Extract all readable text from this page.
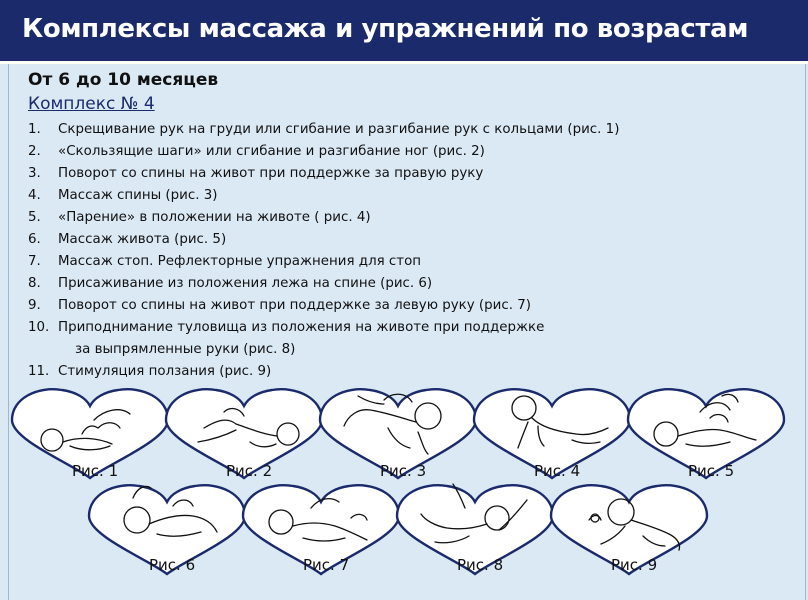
Комплексы массажа и упражнений по возрастам
От 6 до 10 месяцев
Комплекс № 4
1.	Скрещивание рук на груди или сгибание и разгибание рук с кольцами (рис. 1)
2.	«Скользящие шаги» или сгибание и разгибание ног (рис. 2)
3.	Поворот со спины на живот при поддержке за правую руку
4.	Массаж спины (рис. 3)
5.	«Парение» в положении на животе ( рис. 4)
6.	Массаж живота (рис. 5)
7.	Массаж стоп. Рефлекторные упражнения для стоп
8.	Присаживание из положения лежа на спине (рис. 6)
9.	Поворот со спины на живот при поддержке за левую руку (рис. 7)
10. Приподнимание туловища из положения на животе при поддержке
за выпрямленные руки (рис. 8)
11. Стимуляция ползания (рис. 9)
Рис. 1	Рис. 2	Рис. 3	Рис. 4	Рис. 5
Рис. 6	Рис. 7	Рис. 8	Рис. 9
